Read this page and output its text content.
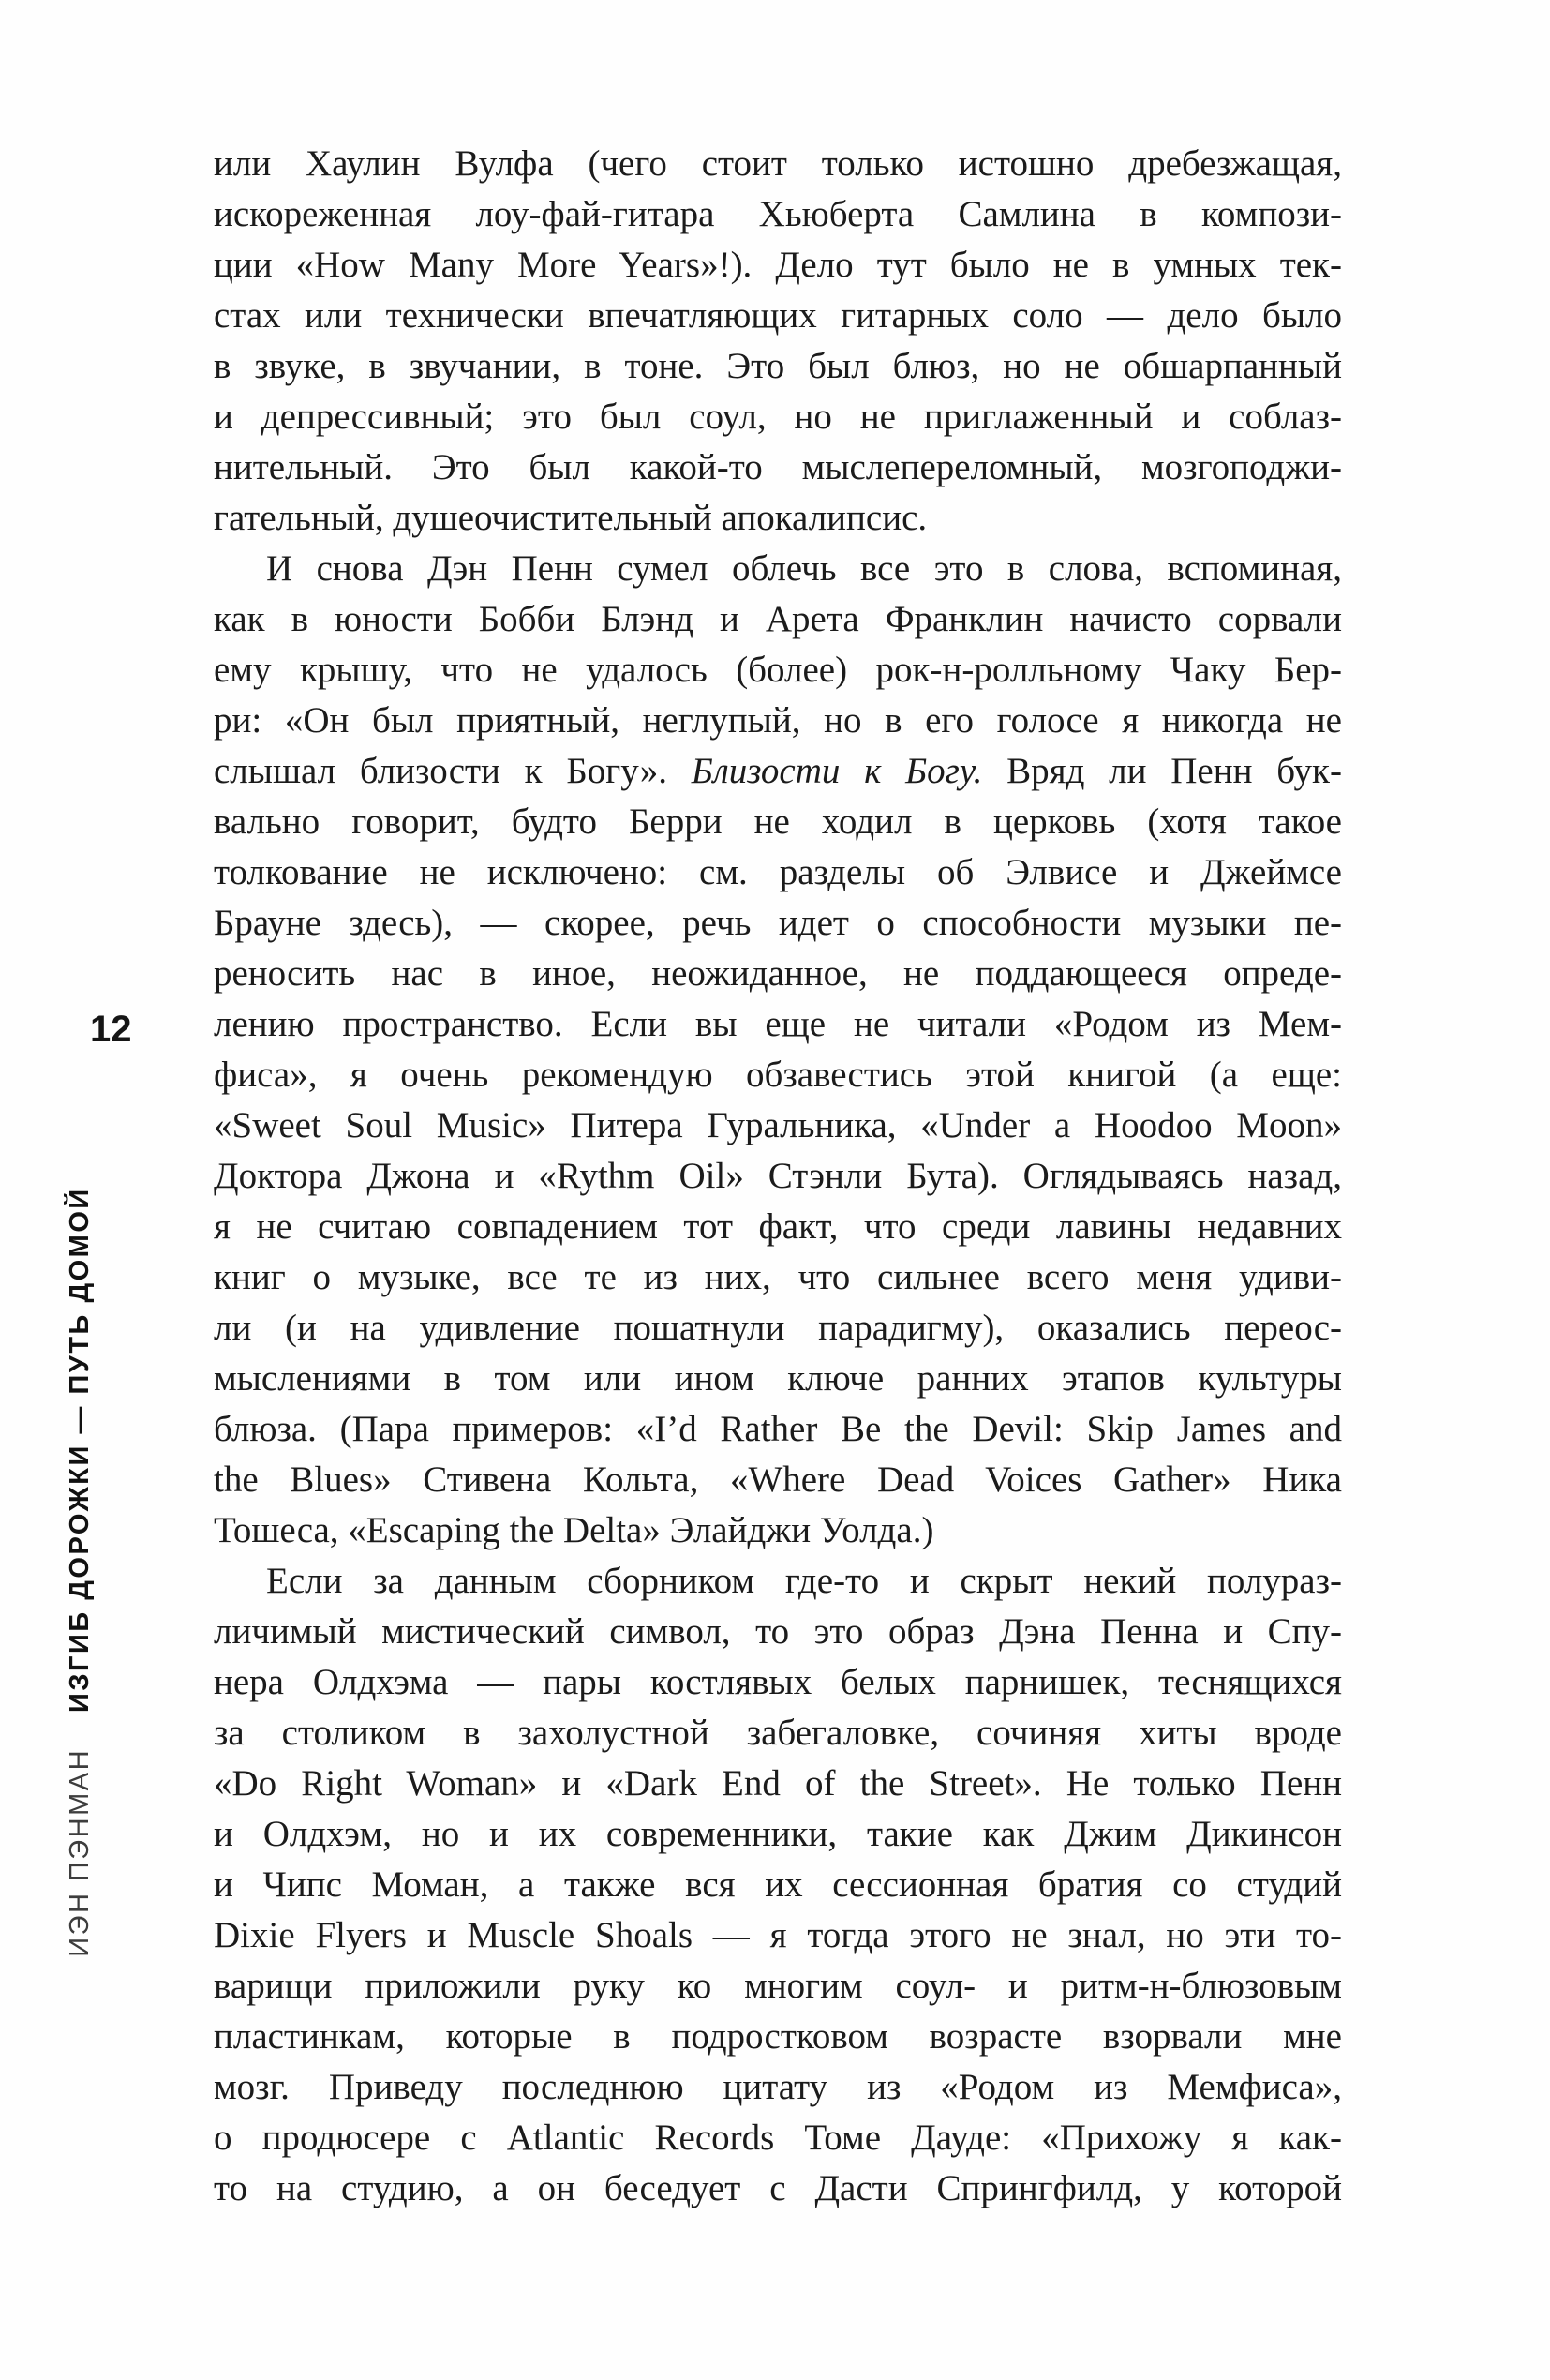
12
ИЭН ПЭНМАН
ИЗГИБ ДОРОЖКИ — ПУТЬ ДОМОЙ
или Хаулин Вулфа (чего стоит только истошно дребезжащая,
искореженная лоу-фай-гитара Хьюберта Самлина в компози-
ции «How Many More Years»!). Дело тут было не в умных тек-
стах или технически впечатляющих гитарных соло — дело было
в звуке, в звучании, в тоне. Это был блюз, но не обшарпанный
и депрессивный; это был соул, но не приглаженный и соблаз-
нительный. Это был какой-то мыслепереломный, мозгоподжи-
гательный, душеочистительный апокалипсис.
И снова Дэн Пенн сумел облечь все это в слова, вспоминая,
как в юности Бобби Блэнд и Арета Франклин начисто сорвали
ему крышу, что не удалось (более) рок-н-ролльному Чаку Бер-
ри: «Он был приятный, неглупый, но в его голосе я никогда не
слышал близости к Богу». Близости к Богу. Вряд ли Пенн бук-
вально говорит, будто Берри не ходил в церковь (хотя такое
толкование не исключено: см. разделы об Элвисе и Джеймсе
Брауне здесь), — скорее, речь идет о способности музыки пе-
реносить нас в иное, неожиданное, не поддающееся опреде-
лению пространство. Если вы еще не читали «Родом из Мем-
фиса», я очень рекомендую обзавестись этой книгой (а еще:
«Sweet Soul Music» Питера Гуральника, «Under a Hoodoo Moon»
Доктора Джона и «Rythm Oil» Стэнли Бута). Оглядываясь назад,
я не считаю совпадением тот факт, что среди лавины недавних
книг о музыке, все те из них, что сильнее всего меня удиви-
ли (и на удивление пошатнули парадигму), оказались переос-
мыслениями в том или ином ключе ранних этапов культуры
блюза. (Пара примеров: «I’d Rather Be the Devil: Skip James and
the Blues» Стивена Кольта, «Where Dead Voices Gather» Ника
Тошеса, «Escaping the Delta» Элайджи Уолда.)
Если за данным сборником где-то и скрыт некий полураз-
личимый мистический символ, то это образ Дэна Пенна и Спу-
нера Олдхэма — пары костлявых белых парнишек, теснящихся
за столиком в захолустной забегаловке, сочиняя хиты вроде
«Do Right Woman» и «Dark End of the Street». Не только Пенн
и Олдхэм, но и их современники, такие как Джим Дикинсон
и Чипс Моман, а также вся их сессионная братия со студий
Dixie Flyers и Muscle Shoals — я тогда этого не знал, но эти то-
варищи приложили руку ко многим соул- и ритм-н-блюзовым
пластинкам, которые в подростковом возрасте взорвали мне
мозг. Приведу последнюю цитату из «Родом из Мемфиса»,
о продюсере с Atlantic Records Томе Дауде: «Прихожу я как-
то на студию, а он беседует с Дасти Спрингфилд, у которой
